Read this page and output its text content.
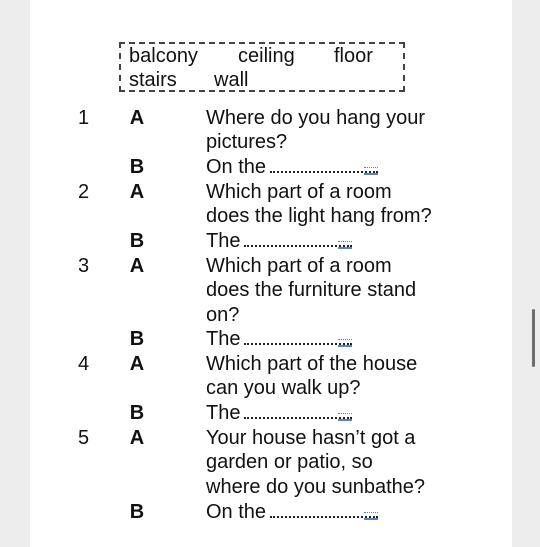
balcony ceiling floor
stairs wall
1 A	Where do you hang your
pictures?
B	On the
2 A	Which part of a room
does the light hang from?
B	The
3 A	Which part of a room
does the furniture stand
on?
B	The
4 A	Which part of the house
can you walk up?
B	The
5 A	Your house hasn’t got a
garden or patio, so
where do you sunbathe?
B	On the
